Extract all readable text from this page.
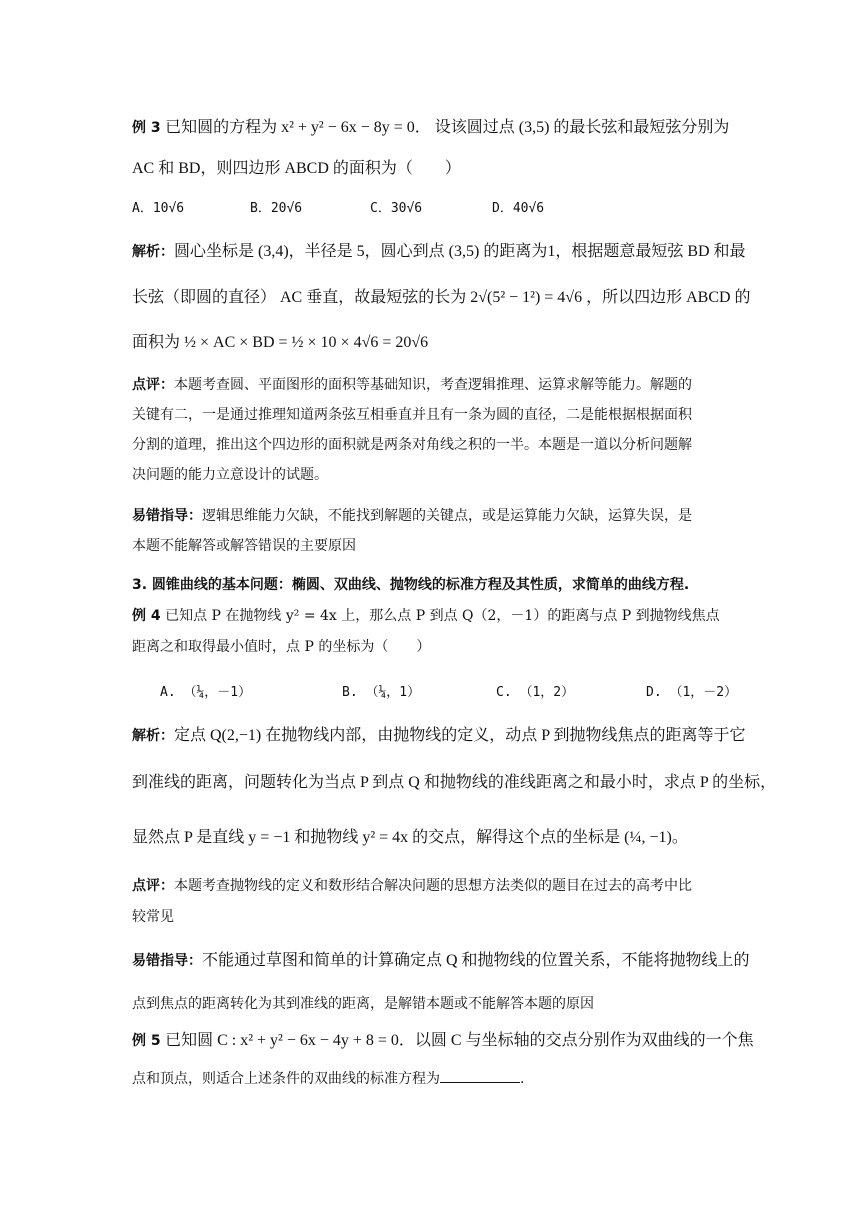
例 3 已知圆的方程为 x² + y² − 6x − 8y = 0． 设该圆过点 (3,5) 的最长弦和最短弦分别为
AC 和 BD，则四边形 ABCD 的面积为（　　）
A．10√6	B．20√6	C．30√6	D．40√6
解析：圆心坐标是 (3,4)，半径是 5，圆心到点 (3,5) 的距离为1，根据题意最短弦 BD 和最
长弦（即圆的直径） AC 垂直，故最短弦的长为 2√(5² − 1²) = 4√6 ，所以四边形 ABCD 的
面积为 ½ × AC × BD = ½ × 10 × 4√6 = 20√6
点评：本题考查圆、平面图形的面积等基础知识，考查逻辑推理、运算求解等能力。解题的
关键有二，一是通过推理知道两条弦互相垂直并且有一条为圆的直径，二是能根据根据面积
分割的道理，推出这个四边形的面积就是两条对角线之积的一半。本题是一道以分析问题解
决问题的能力立意设计的试题。
易错指导：逻辑思维能力欠缺，不能找到解题的关键点，或是运算能力欠缺，运算失误，是
本题不能解答或解答错误的主要原因
3. 圆锥曲线的基本问题：椭圆、双曲线、抛物线的标准方程及其性质，求简单的曲线方程.
例 4 已知点 P 在抛物线 y² = 4x 上，那么点 P 到点 Q（2，－1）的距离与点 P 到抛物线焦点
距离之和取得最小值时，点 P 的坐标为（　　）
A. （¼，－1）	B. （¼，1）	C. （1，2）	D. （1，－2）
解析：定点 Q(2,−1) 在抛物线内部，由抛物线的定义，动点 P 到抛物线焦点的距离等于它
到准线的距离，问题转化为当点 P 到点 Q 和抛物线的准线距离之和最小时，求点 P 的坐标，
显然点 P 是直线 y = −1 和抛物线 y² = 4x 的交点，解得这个点的坐标是 (¼, −1)。
点评：本题考查抛物线的定义和数形结合解决问题的思想方法类似的题目在过去的高考中比
较常见
易错指导：不能通过草图和简单的计算确定点 Q 和抛物线的位置关系，不能将抛物线上的
点到焦点的距离转化为其到准线的距离，是解错本题或不能解答本题的原因
例 5 已知圆 C : x² + y² − 6x − 4y + 8 = 0．以圆 C 与坐标轴的交点分别作为双曲线的一个焦
点和顶点，则适合上述条件的双曲线的标准方程为	.
